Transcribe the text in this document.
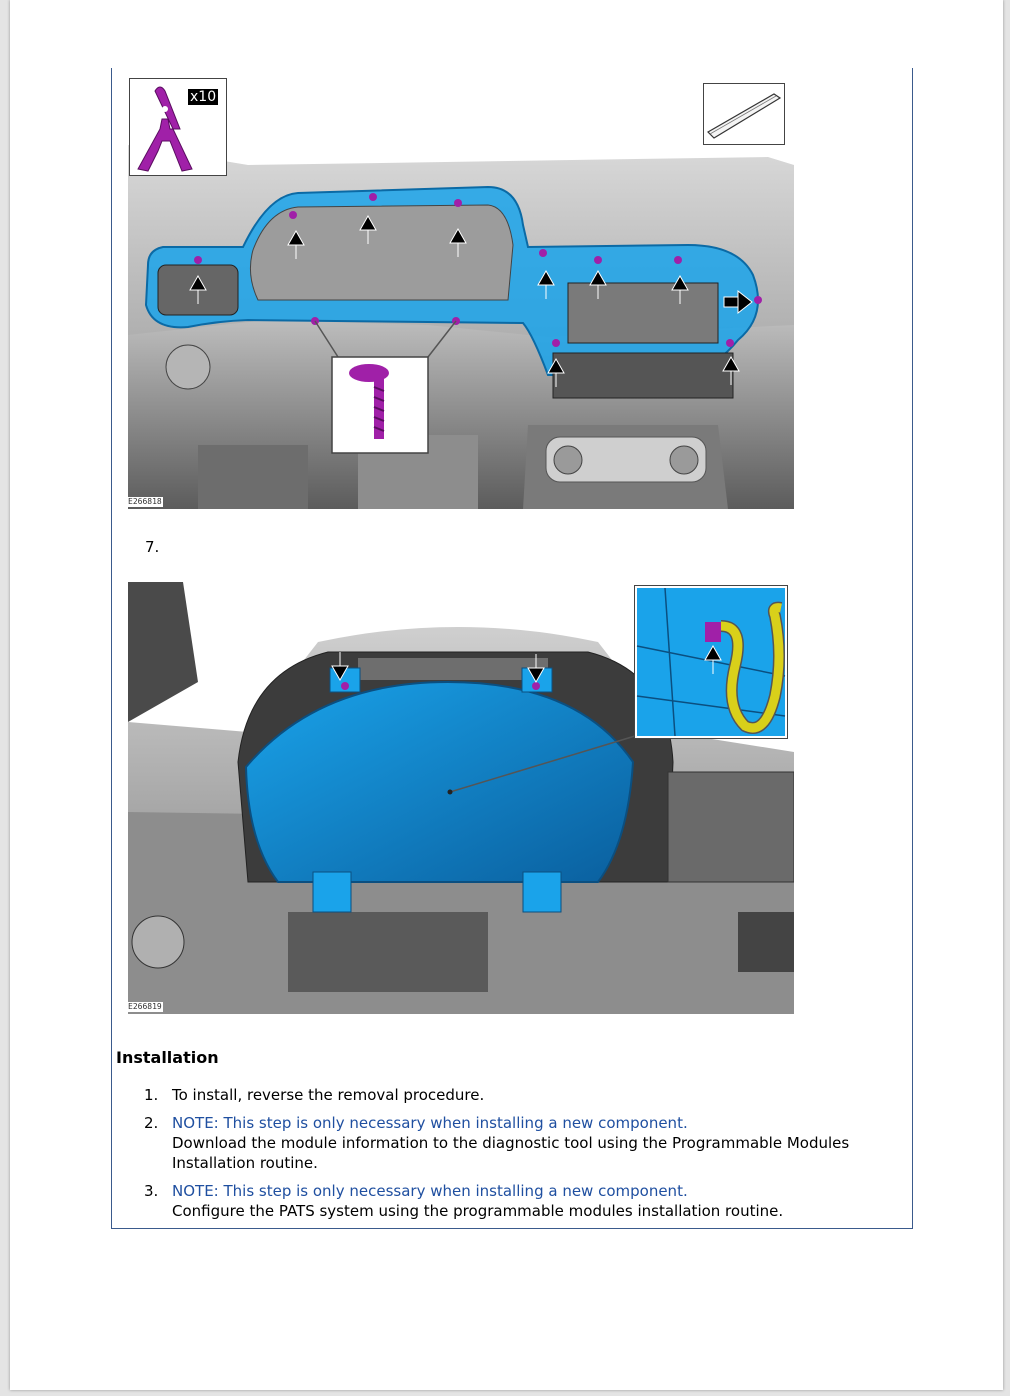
x10
E266818
7.
E266819
Installation
1. To install, reverse the removal procedure.
2. NOTE: This step is only necessary when installing a new component.
Download the module information to the diagnostic tool using the Programmable Modules Installation routine.
3. NOTE: This step is only necessary when installing a new component.
Configure the PATS system using the programmable modules installation routine.
